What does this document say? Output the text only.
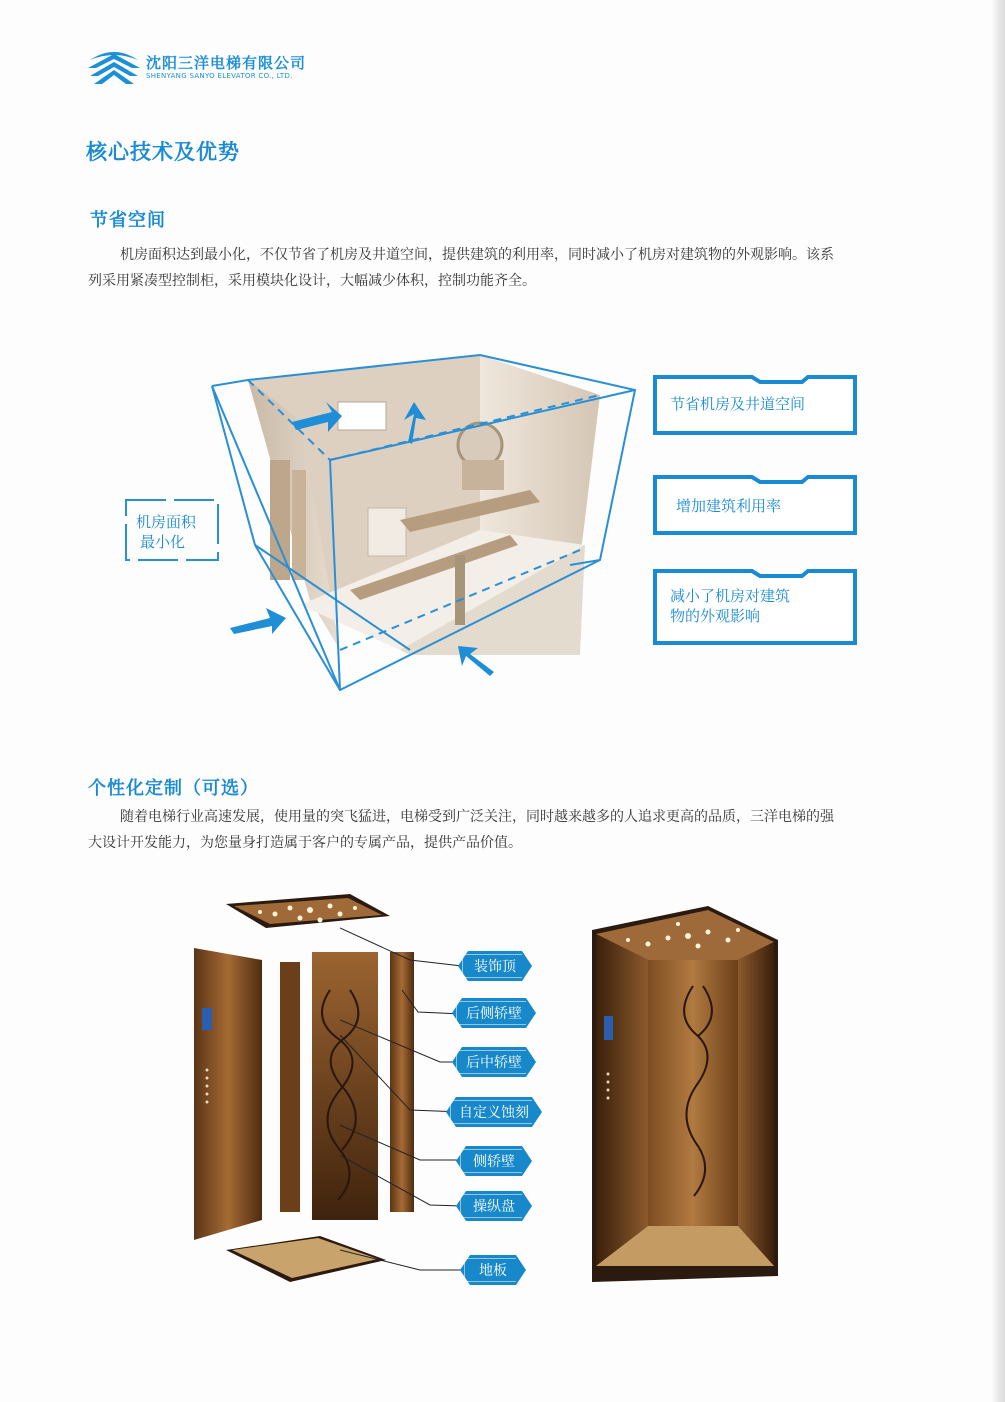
沈阳三洋电梯有限公司
SHENYANG SANYO ELEVATOR CO., LTD.
核心技术及优势
节省空间
机房面积达到最小化，不仅节省了机房及井道空间，提供建筑的利用率，同时减小了机房对建筑物的外观影响。该系
列采用紧凑型控制柜，采用模块化设计，大幅减少体积，控制功能齐全。
机房面积
最小化
节省机房及井道空间
增加建筑利用率
减小了机房对建筑
物的外观影响
个性化定制（可选）
随着电梯行业高速发展，使用量的突飞猛进，电梯受到广泛关注，同时越来越多的人追求更高的品质，三洋电梯的强
大设计开发能力，为您量身打造属于客户的专属产品，提供产品价值。
装饰顶
后侧轿壁
后中轿壁
自定义蚀刻
侧轿壁
操纵盘
地板
